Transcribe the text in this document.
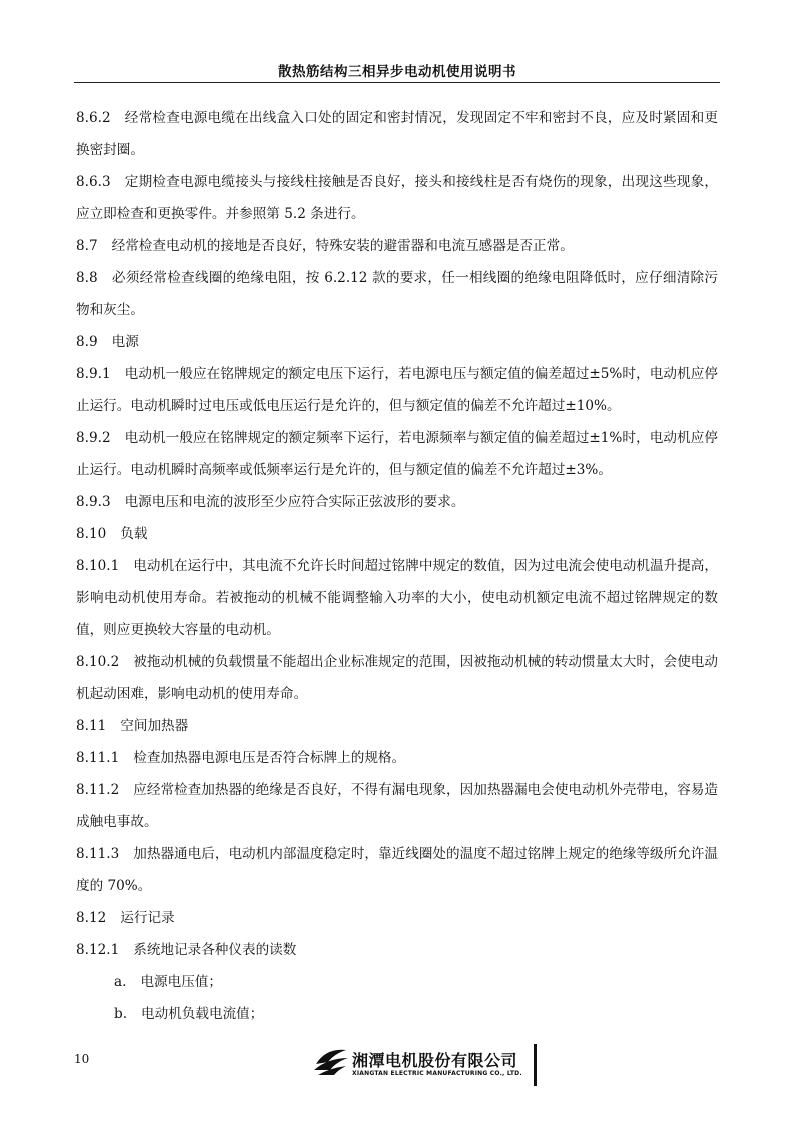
散热筋结构三相异步电动机使用说明书

8.6.2 经常检查电源电缆在出线盒入口处的固定和密封情况，发现固定不牢和密封不良，应及时紧固和更换密封圈。

8.6.3 定期检查电源电缆接头与接线柱接触是否良好，接头和接线柱是否有烧伤的现象，出现这些现象，应立即检查和更换零件。并参照第 5.2 条进行。

8.7 经常检查电动机的接地是否良好，特殊安装的避雷器和电流互感器是否正常。

8.8 必须经常检查线圈的绝缘电阻，按 6.2.12 款的要求，任一相线圈的绝缘电阻降低时，应仔细清除污物和灰尘。

8.9 电源

8.9.1 电动机一般应在铭牌规定的额定电压下运行，若电源电压与额定值的偏差超过±5%时，电动机应停止运行。电动机瞬时过电压或低电压运行是允许的，但与额定值的偏差不允许超过±10%。

8.9.2 电动机一般应在铭牌规定的额定频率下运行，若电源频率与额定值的偏差超过±1%时，电动机应停止运行。电动机瞬时高频率或低频率运行是允许的，但与额定值的偏差不允许超过±3%。

8.9.3 电源电压和电流的波形至少应符合实际正弦波形的要求。

8.10 负载

8.10.1 电动机在运行中，其电流不允许长时间超过铭牌中规定的数值，因为过电流会使电动机温升提高，影响电动机使用寿命。若被拖动的机械不能调整输入功率的大小，使电动机额定电流不超过铭牌规定的数值，则应更换较大容量的电动机。

8.10.2 被拖动机械的负载惯量不能超出企业标准规定的范围，因被拖动机械的转动惯量太大时，会使电动机起动困难，影响电动机的使用寿命。

8.11 空间加热器

8.11.1 检查加热器电源电压是否符合标牌上的规格。

8.11.2 应经常检查加热器的绝缘是否良好，不得有漏电现象，因加热器漏电会使电动机外壳带电，容易造成触电事故。

8.11.3 加热器通电后，电动机内部温度稳定时，靠近线圈处的温度不超过铭牌上规定的绝缘等级所允许温度的 70%。

8.12 运行记录

8.12.1 系统地记录各种仪表的读数

a. 电源电压值；

b. 电动机负载电流值；

10	湘潭电机股份有限公司
XIANGTAN ELECTRIC MANUFACTURING CO., LTD.
